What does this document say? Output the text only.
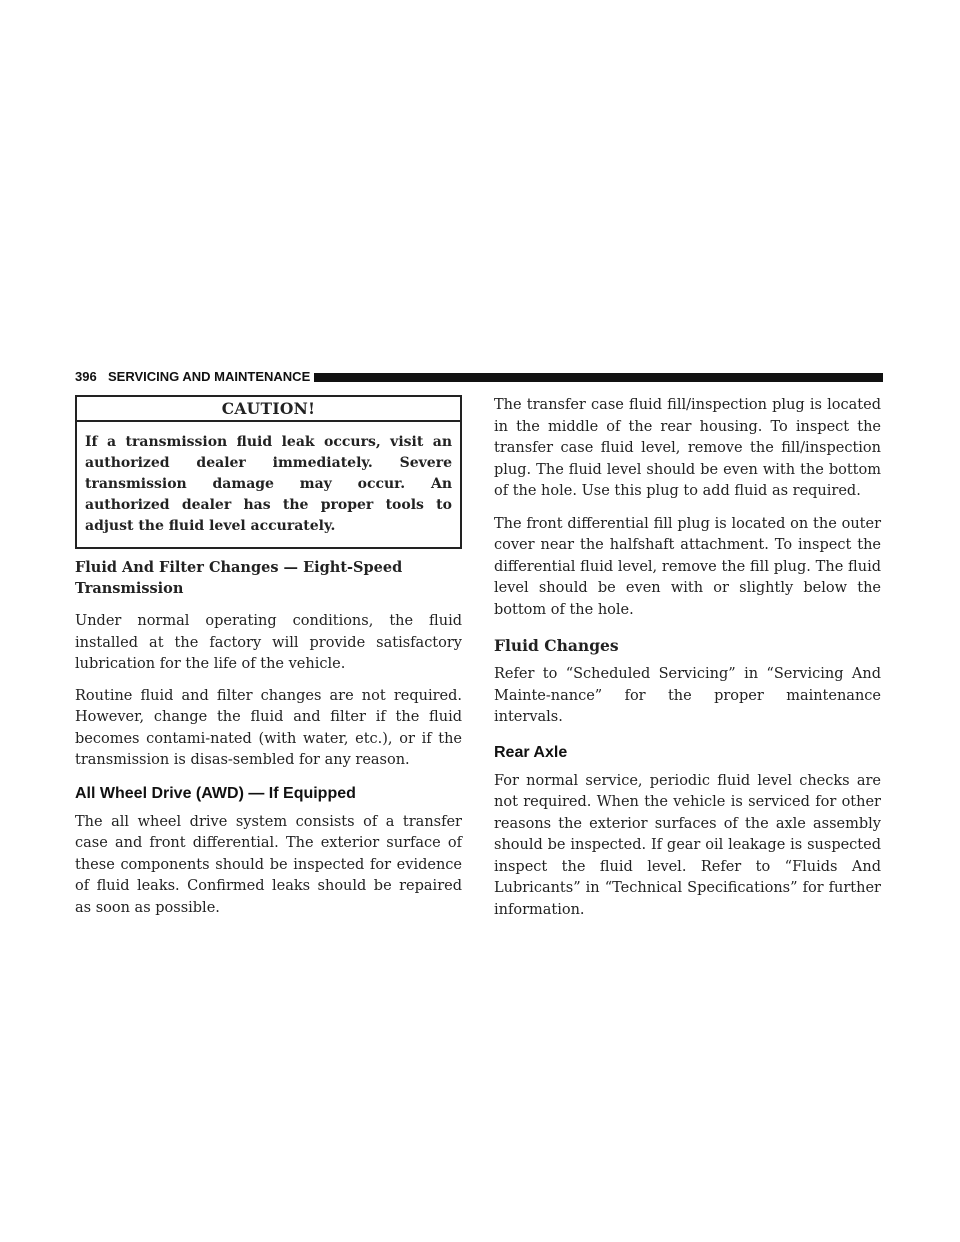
396 SERVICING AND MAINTENANCE
CAUTION!
If a transmission fluid leak occurs, visit an authorized dealer immediately. Severe transmission damage may occur. An authorized dealer has the proper tools to adjust the fluid level accurately.
Fluid And Filter Changes — Eight-Speed Transmission

Under normal operating conditions, the fluid installed at the factory will provide satisfactory lubrication for the life of the vehicle.

Routine fluid and filter changes are not required. However, change the fluid and filter if the fluid becomes contami-nated (with water, etc.), or if the transmission is disas-sembled for any reason.

All Wheel Drive (AWD) — If Equipped

The all wheel drive system consists of a transfer case and front differential. The exterior surface of these components should be inspected for evidence of fluid leaks. Confirmed leaks should be repaired as soon as possible.

The transfer case fluid fill/inspection plug is located in the middle of the rear housing. To inspect the transfer case fluid level, remove the fill/inspection plug. The fluid level should be even with the bottom of the hole. Use this plug to add fluid as required.

The front differential fill plug is located on the outer cover near the halfshaft attachment. To inspect the differential fluid level, remove the fill plug. The fluid level should be even with or slightly below the bottom of the hole.

Fluid Changes

Refer to “Scheduled Servicing” in “Servicing And Mainte-nance” for the proper maintenance intervals.

Rear Axle

For normal service, periodic fluid level checks are not required. When the vehicle is serviced for other reasons the exterior surfaces of the axle assembly should be inspected. If gear oil leakage is suspected inspect the fluid level. Refer to “Fluids And Lubricants” in “Technical Specifications” for further information.
